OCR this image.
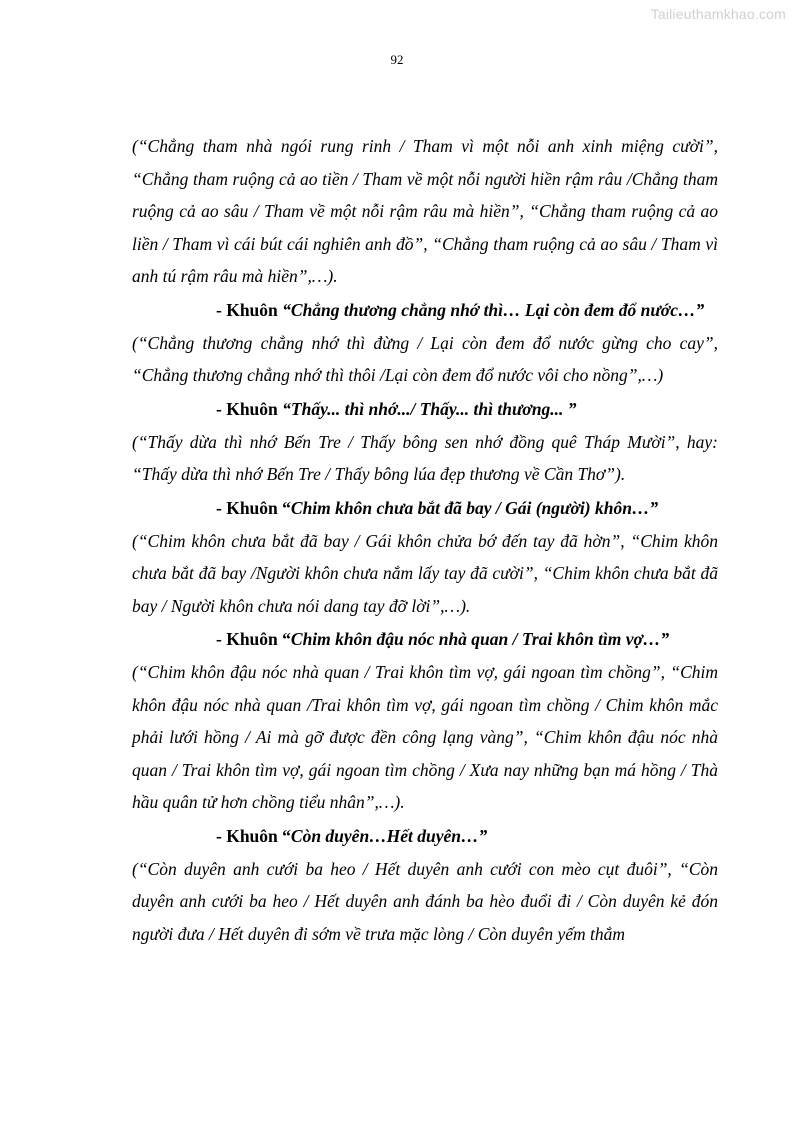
Tailieuthamkhao.com
92

(“Chẳng tham nhà ngói rung rinh / Tham vì một nỗi anh xinh miệng cười”, “Chẳng tham ruộng cả ao tiền / Tham về một nỗi người hiền rậm râu /Chẳng tham ruộng cả ao sâu / Tham về một nỗi rậm râu mà hiền”, “Chẳng tham ruộng cả ao liền / Tham vì cái bút cái nghiên anh đồ”, “Chẳng tham ruộng cả ao sâu / Tham vì anh tú rậm râu mà hiền”,…).

- Khuôn “Chẳng thương chẳng nhớ thì… Lại còn đem đổ nước…”

(“Chẳng thương chẳng nhớ thì đừng / Lại còn đem đổ nước gừng cho cay”, “Chẳng thương chẳng nhớ thì thôi /Lại còn đem đổ nước vôi cho nồng”,…)

- Khuôn “Thấy... thì nhớ.../ Thấy... thì thương... ”

(“Thấy dừa thì nhớ Bến Tre / Thấy bông sen nhớ đồng quê Tháp Mười”, hay: “Thấy dừa thì nhớ Bến Tre / Thấy bông lúa đẹp thương về Cần Thơ”).

- Khuôn “Chim khôn chưa bắt đã bay / Gái (người) khôn…”

(“Chim khôn chưa bắt đã bay / Gái khôn chửa bớ đến tay đã hờn”, “Chim khôn chưa bắt đã bay /Người khôn chưa nắm lấy tay đã cười”, “Chim khôn chưa bắt đã bay / Người khôn chưa nói dang tay đỡ lời”,…).

- Khuôn “Chim khôn đậu nóc nhà quan / Trai khôn tìm vợ…”

(“Chim khôn đậu nóc nhà quan / Trai khôn tìm vợ, gái ngoan tìm chồng”, “Chim khôn đậu nóc nhà quan /Trai khôn tìm vợ, gái ngoan tìm chồng / Chim khôn mắc phải lưới hồng / Ai mà gỡ được đền công lạng vàng”, “Chim khôn đậu nóc nhà quan / Trai khôn tìm vợ, gái ngoan tìm chồng / Xưa nay những bạn má hồng / Thà hầu quân tử hơn chồng tiểu nhân”,…).

- Khuôn “Còn duyên…Hết duyên…”

(“Còn duyên anh cưới ba heo / Hết duyên anh cưới con mèo cụt đuôi”, “Còn duyên anh cưới ba heo / Hết duyên anh đánh ba hèo đuổi đi / Còn duyên kẻ đón người đưa / Hết duyên đi sớm về trưa mặc lòng / Còn duyên yếm thắm
